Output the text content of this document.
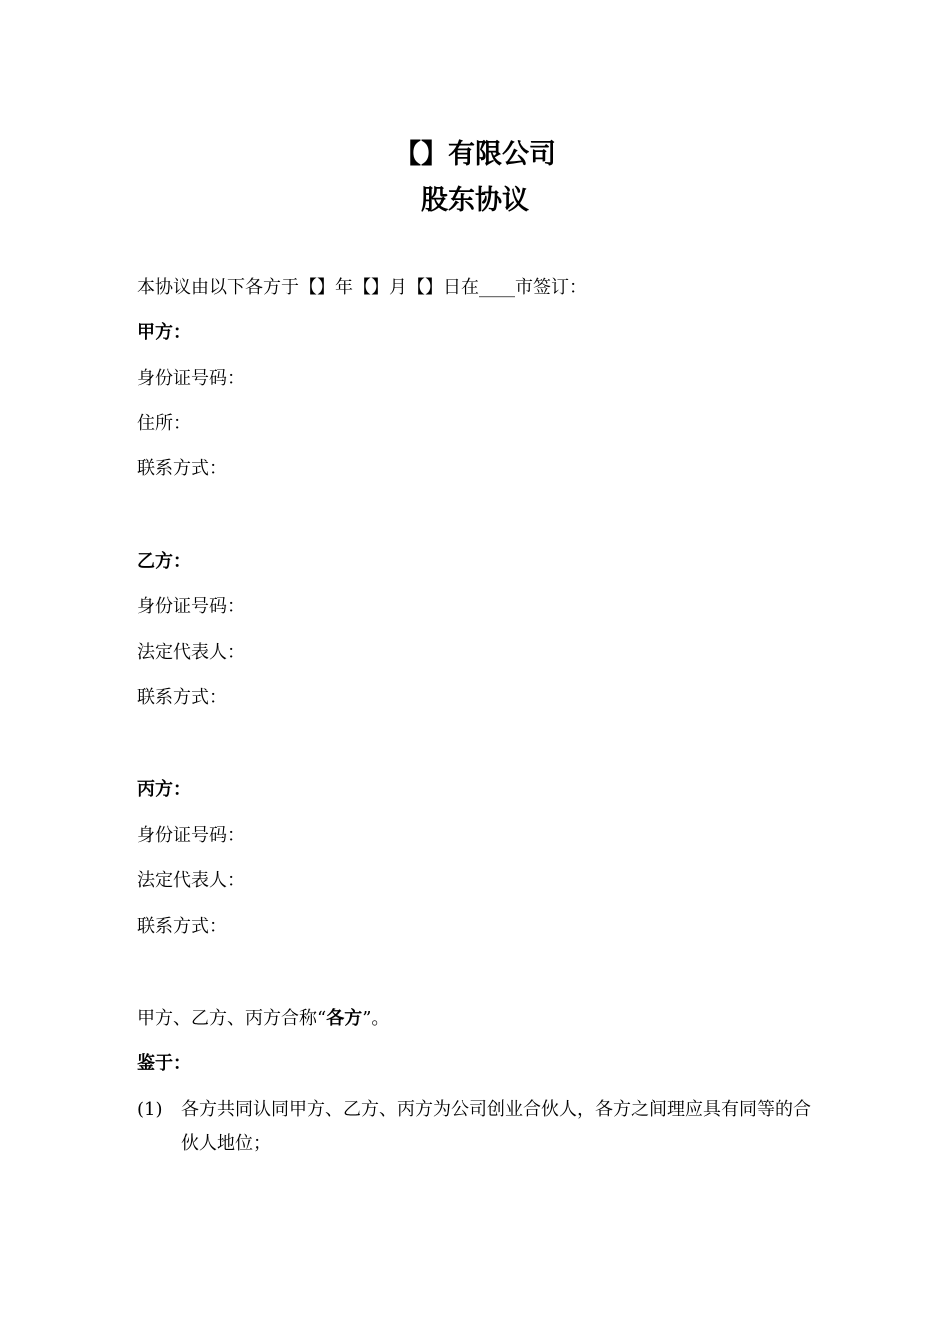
【】有限公司
股东协议
本协议由以下各方于【】年【】月【】日在____市签订：
甲方：
身份证号码：
住所：
联系方式：
乙方：
身份证号码：
法定代表人：
联系方式：
丙方：
身份证号码：
法定代表人：
联系方式：
甲方、乙方、丙方合称“各方”。
鉴于：
(1) 各方共同认同甲方、乙方、丙方为公司创业合伙人，各方之间理应具有同等的合伙人地位；
